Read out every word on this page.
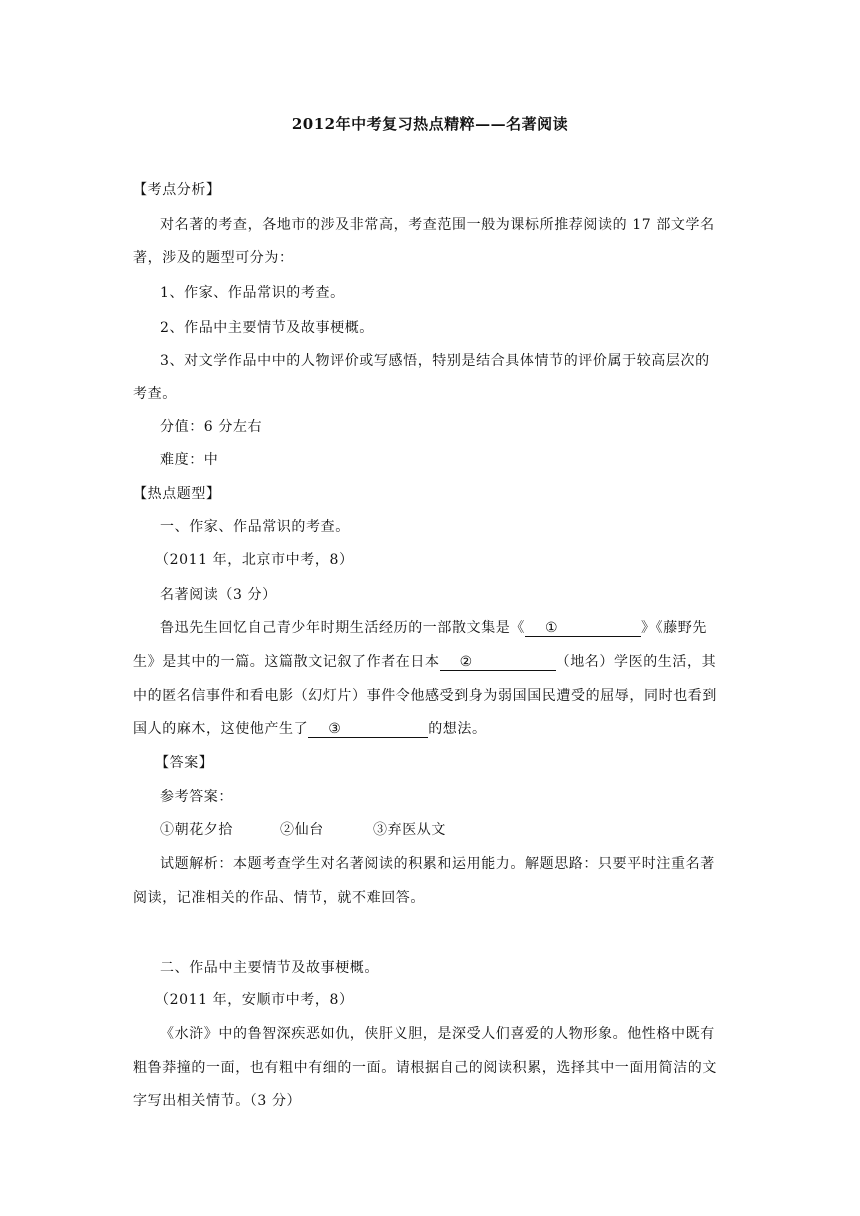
2012年中考复习热点精粹——名著阅读
【考点分析】
对名著的考查，各地市的涉及非常高，考查范围一般为课标所推荐阅读的 17 部文学名
著，涉及的题型可分为：
1、作家、作品常识的考查。
2、作品中主要情节及故事梗概。
3、对文学作品中中的人物评价或写感悟，特别是结合具体情节的评价属于较高层次的
考查。
分值：6 分左右
难度：中
【热点题型】
一、作家、作品常识的考查。
（2011 年，北京市中考，8）
名著阅读（3 分）
鲁迅先生回忆自己青少年时期生活经历的一部散文集是《 ①	》《藤野先
生》是其中的一篇。这篇散文记叙了作者在日本 ②	（地名）学医的生活，其
中的匿名信事件和看电影（幻灯片）事件令他感受到身为弱国国民遭受的屈辱，同时也看到
国人的麻木，这使他产生了 ③	的想法。
【答案】
参考答案：
①朝花夕拾	②仙台	③弃医从文
试题解析：本题考查学生对名著阅读的积累和运用能力。解题思路：只要平时注重名著
阅读，记准相关的作品、情节，就不难回答。
二、作品中主要情节及故事梗概。
（2011 年，安顺市中考，8）
《水浒》中的鲁智深疾恶如仇，侠肝义胆，是深受人们喜爱的人物形象。他性格中既有
粗鲁莽撞的一面，也有粗中有细的一面。请根据自己的阅读积累，选择其中一面用简洁的文
字写出相关情节。（3 分）
